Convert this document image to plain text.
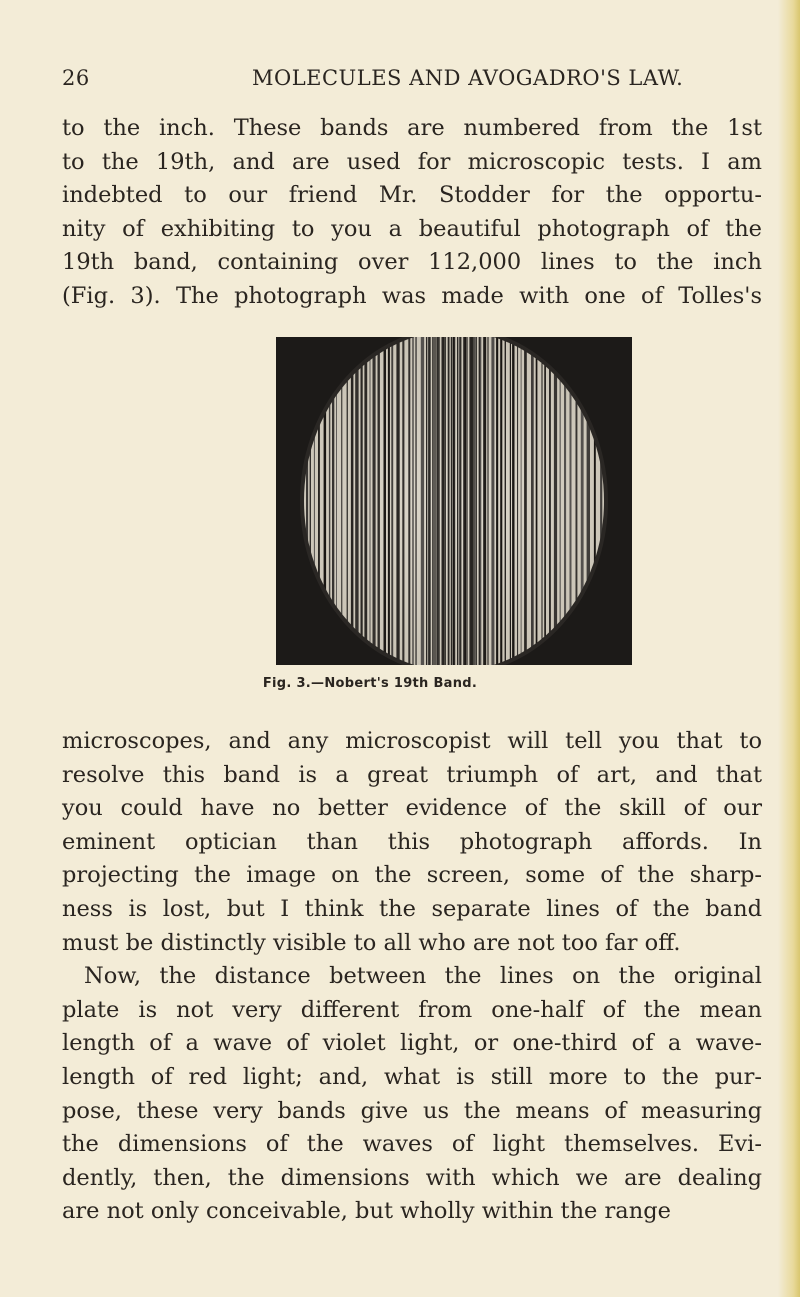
26	MOLECULES AND AVOGADRO'S LAW.
to the inch. These bands are numbered from the 1st
to the 19th, and are used for microscopic tests. I am
indebted to our friend Mr. Stodder for the opportu-
nity of exhibiting to you a beautiful photograph of the
19th band, containing over 112,000 lines to the inch
(Fig. 3). The photograph was made with one of Tolles's
Fig. 3.—Nobert's 19th Band.
microscopes, and any microscopist will tell you that to
resolve this band is a great triumph of art, and that
you could have no better evidence of the skill of our
eminent optician than this photograph affords. In
projecting the image on the screen, some of the sharp-
ness is lost, but I think the separate lines of the band
must be distinctly visible to all who are not too far off.
Now, the distance between the lines on the original
plate is not very different from one-half of the mean
length of a wave of violet light, or one-third of a wave-
length of red light; and, what is still more to the pur-
pose, these very bands give us the means of measuring
the dimensions of the waves of light themselves. Evi-
dently, then, the dimensions with which we are dealing
are not only conceivable, but wholly within the range
